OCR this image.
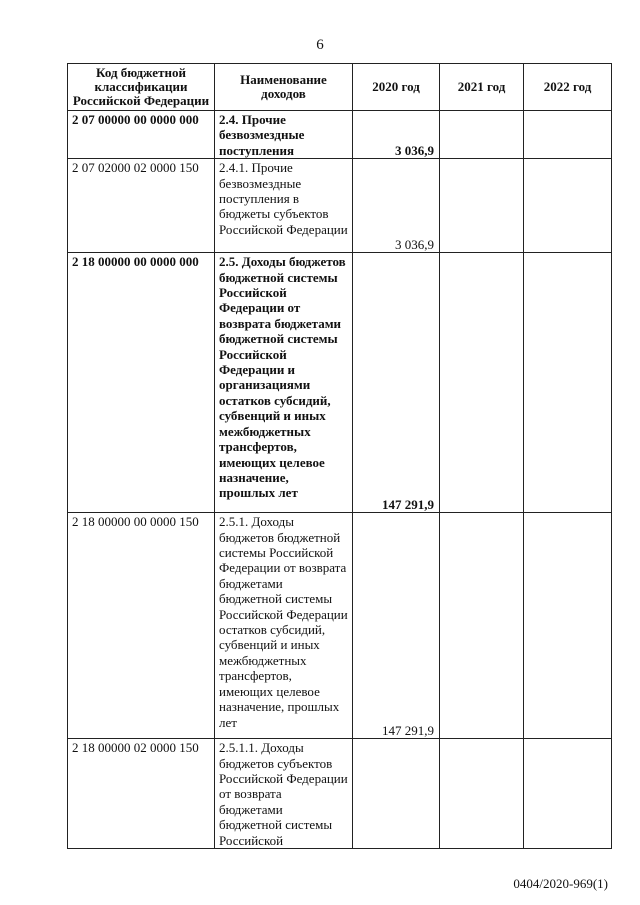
6
Код бюджетной классификации Российской Федерации	Наименование доходов	2020 год	2021 год	2022 год
2 07 00000 00 0000 000	2.4. Прочие безвозмездные поступления	3 036,9		
2 07 02000 02 0000 150	2.4.1. Прочие безвозмездные поступления в бюджеты субъектов Российской Федерации	3 036,9		
2 18 00000 00 0000 000	2.5. Доходы бюджетов бюджетной системы Российской Федерации от возврата бюджетами бюджетной системы Российской Федерации и организациями остатков субсидий, субвенций и иных межбюджетных трансфертов, имеющих целевое назначение, прошлых лет	147 291,9		
2 18 00000 00 0000 150	2.5.1. Доходы бюджетов бюджетной системы Российской Федерации от возврата бюджетами бюджетной системы Российской Федерации остатков субсидий, субвенций и иных межбюджетных трансфертов, имеющих целевое назначение, прошлых лет	147 291,9		
2 18 00000 02 0000 150	2.5.1.1. Доходы бюджетов субъектов Российской Федерации от возврата бюджетами бюджетной системы Российской			
0404/2020-969(1)
